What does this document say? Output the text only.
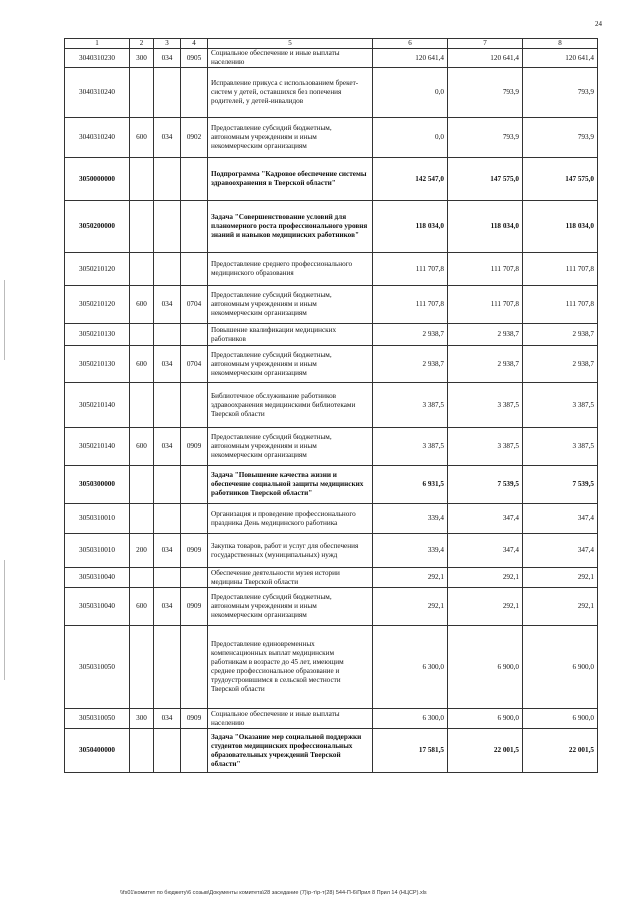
24
1	2	3	4	5	6	7	8
3040310230	300	034	0905	Социальное обеспечение и иные выплаты населению	120 641,4	120 641,4	120 641,4
3040310240				Исправление прикуса с использованием брекет-систем у детей, оставшихся без попечения родителей, у детей-инвалидов	0,0	793,9	793,9
3040310240	600	034	0902	Предоставление субсидий бюджетным, автономным учреждениям и иным некоммерческим организациям	0,0	793,9	793,9
3050000000				Подпрограмма "Кадровое обеспечение системы здравоохранения в Тверской области"	142 547,0	147 575,0	147 575,0
3050200000				Задача "Совершенствование условий для планомерного роста профессионального уровня знаний и навыков медицинских работников"	118 034,0	118 034,0	118 034,0
3050210120				Предоставление среднего профессионального медицинского образования	111 707,8	111 707,8	111 707,8
3050210120	600	034	0704	Предоставление субсидий бюджетным, автономным учреждениям и иным некоммерческим организациям	111 707,8	111 707,8	111 707,8
3050210130				Повышение квалификации медицинских работников	2 938,7	2 938,7	2 938,7
3050210130	600	034	0704	Предоставление субсидий бюджетным, автономным учреждениям и иным некоммерческим организациям	2 938,7	2 938,7	2 938,7
3050210140				Библиотечное обслуживание работников здравоохранения медицинскими библиотеками Тверской области	3 387,5	3 387,5	3 387,5
3050210140	600	034	0909	Предоставление субсидий бюджетным, автономным учреждениям и иным некоммерческим организациям	3 387,5	3 387,5	3 387,5
3050300000				Задача "Повышение качества жизни и обеспечение социальной защиты медицинских работников Тверской области"	6 931,5	7 539,5	7 539,5
3050310010				Организация и проведение профессионального праздника День медицинского работника	339,4	347,4	347,4
3050310010	200	034	0909	Закупка товаров, работ и услуг для обеспечения государственных (муниципальных) нужд	339,4	347,4	347,4
3050310040				Обеспечение деятельности музея истории медицины Тверской области	292,1	292,1	292,1
3050310040	600	034	0909	Предоставление субсидий бюджетным, автономным учреждениям и иным некоммерческим организациям	292,1	292,1	292,1
3050310050				Предоставление единовременных компенсационных выплат медицинским работникам в возрасте до 45 лет, имеющим среднее профессиональное образование и трудоустроившимся в сельской местности Тверской области	6 300,0	6 900,0	6 900,0
3050310050	300	034	0909	Социальное обеспечение и иные выплаты населению	6 300,0	6 900,0	6 900,0
3050400000				Задача "Оказание мер социальной поддержки студентов медицинских профессиональных образовательных учреждений Тверской области"	17 581,5	22 001,5	22 001,5
\\fs01\комитет по бюджету\6 созыв\Документы комитета\28 заседание (7)\р-т\р-т(28) 544-П-6\Прил 8 Прил 14 (НЦСР).xls
